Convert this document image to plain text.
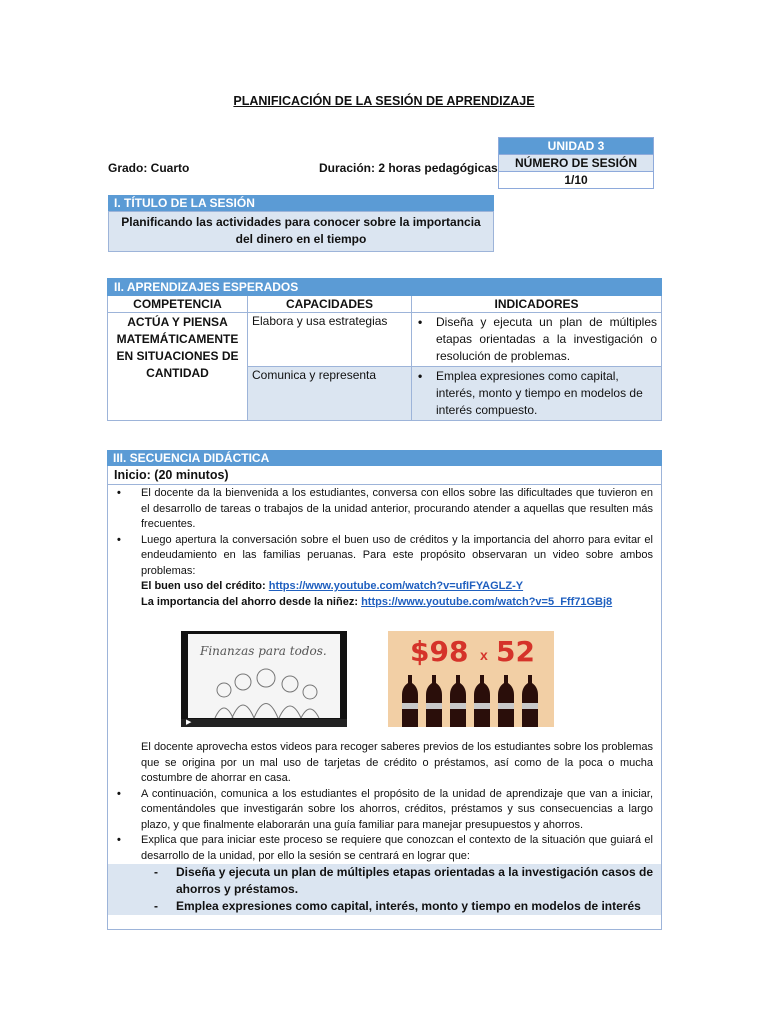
PLANIFICACIÓN DE LA SESIÓN DE APRENDIZAJE
Grado: Cuarto	Duración: 2 horas pedagógicas
UNIDAD 3
NÚMERO DE SESIÓN
1/10
I. TÍTULO DE LA SESIÓN
Planificando las actividades para conocer sobre la importancia del dinero en el tiempo
II. APRENDIZAJES ESPERADOS		
COMPETENCIA	CAPACIDADES	INDICADORES
ACTÚA Y PIENSA MATEMÁTICAMENTE EN SITUACIONES DE CANTIDAD	Elabora y usa estrategias	• Diseña y ejecuta un plan de múltiples etapas orientadas a la investigación o resolución de problemas.
	Comunica y representa	• Emplea expresiones como capital, interés, monto y tiempo en modelos de interés compuesto.
III. SECUENCIA DIDÁCTICA
Inicio: (20 minutos)
• El docente da la bienvenida a los estudiantes, conversa con ellos sobre las dificultades que tuvieron en el desarrollo de tareas o trabajos de la unidad anterior, procurando atender a aquellas que resulten más frecuentes.
• Luego apertura la conversación sobre el buen uso de créditos y la importancia del ahorro para evitar el endeudamiento en las familias peruanas. Para este propósito observaran un video sobre ambos problemas:
El buen uso del crédito: https://www.youtube.com/watch?v=ufIFYAGLZ-Y
La importancia del ahorro desde la niñez: https://www.youtube.com/watch?v=5_Fff71GBj8
El docente aprovecha estos videos para recoger saberes previos de los estudiantes sobre los problemas que se origina por un mal uso de tarjetas de crédito o préstamos, así como de la poca o mucha costumbre de ahorrar en casa.
• A continuación, comunica a los estudiantes el propósito de la unidad de aprendizaje que van a iniciar, comentándoles que investigarán sobre los ahorros, créditos, préstamos y sus consecuencias a largo plazo, y que finalmente elaborarán una guía familiar para manejar presupuestos y ahorros.
• Explica que para iniciar este proceso se requiere que conozcan el contexto de la situación que guiará el desarrollo de la unidad, por ello la sesión se centrará en lograr que:
- Diseña y ejecuta un plan de múltiples etapas orientadas a la investigación casos de ahorros y préstamos.
- Emplea expresiones como capital, interés, monto y tiempo en modelos de interés
Finanzas para todos.
▶
$98 x 52
